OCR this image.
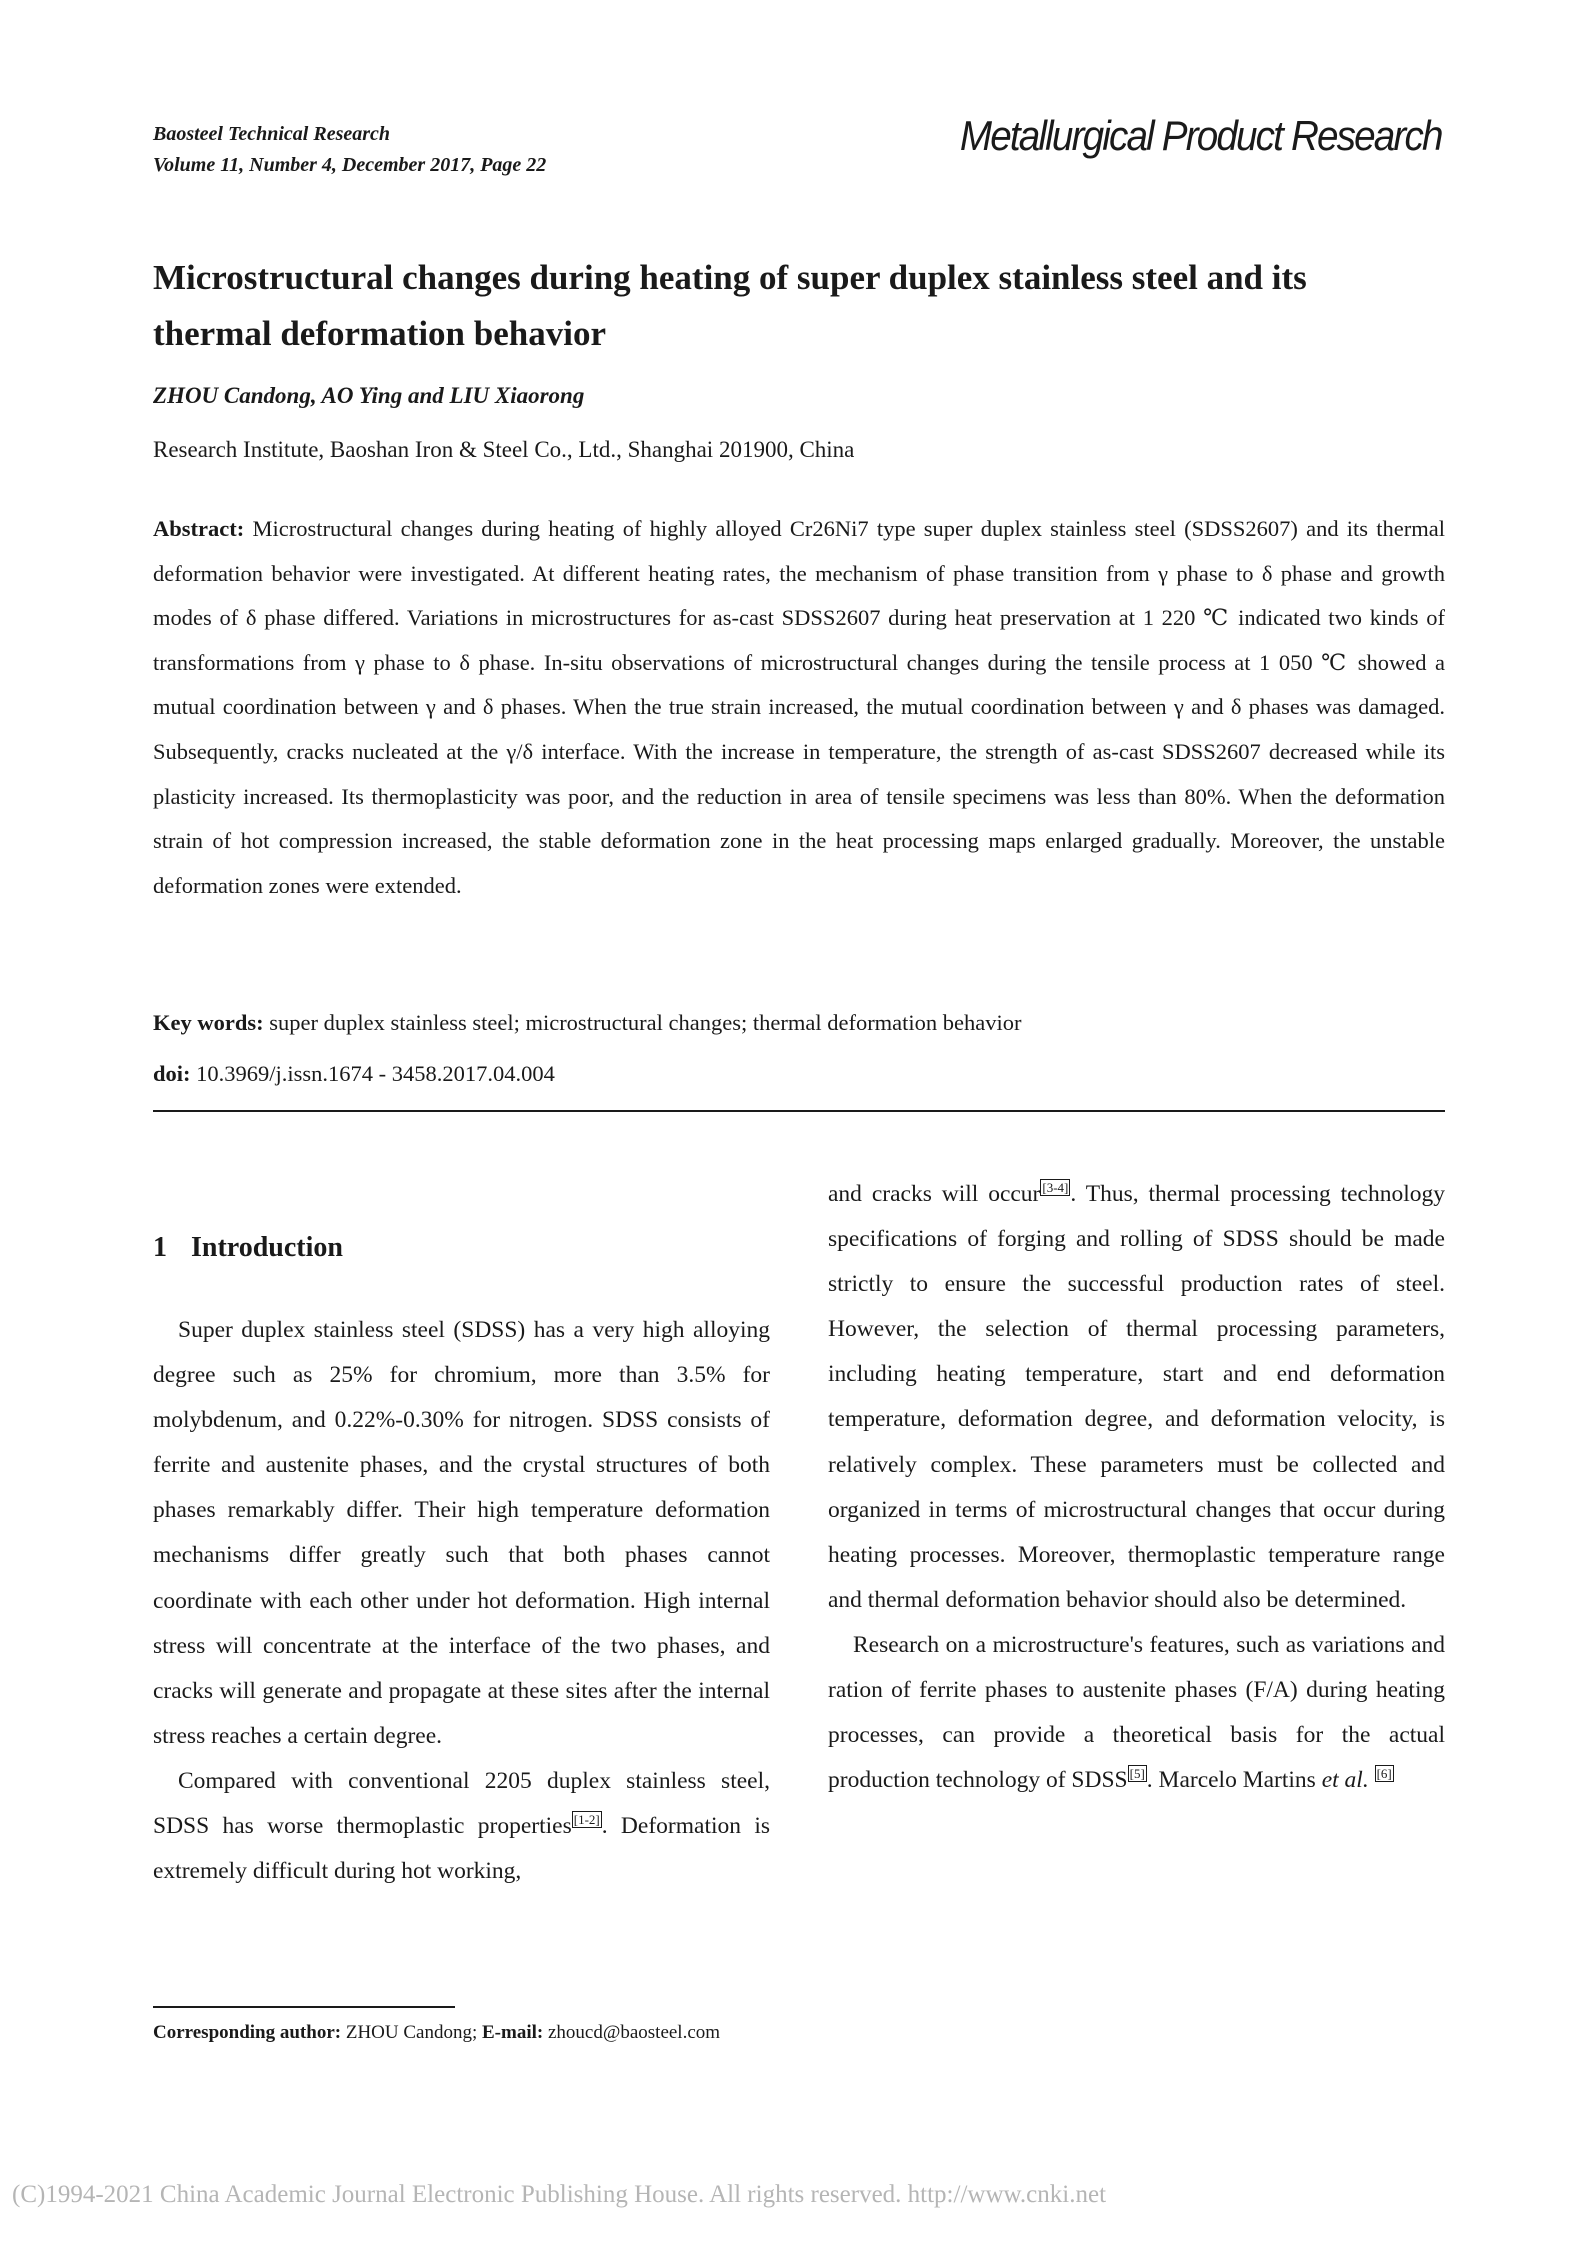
Baosteel Technical Research
Volume 11, Number 4, December 2017, Page 22
Metallurgical Product Research
Microstructural changes during heating of super duplex stainless steel and its thermal deformation behavior
ZHOU Candong, AO Ying and LIU Xiaorong
Research Institute, Baoshan Iron & Steel Co., Ltd., Shanghai 201900, China
Abstract: Microstructural changes during heating of highly alloyed Cr26Ni7 type super duplex stainless steel (SDSS2607) and its thermal deformation behavior were investigated. At different heating rates, the mechanism of phase transition from γ phase to δ phase and growth modes of δ phase differed. Variations in microstructures for as-cast SDSS2607 during heat preservation at 1 220 ℃ indicated two kinds of transformations from γ phase to δ phase. In-situ observations of microstructural changes during the tensile process at 1 050 ℃ showed a mutual coordination between γ and δ phases. When the true strain increased, the mutual coordination between γ and δ phases was damaged. Subsequently, cracks nucleated at the γ/δ interface. With the increase in temperature, the strength of as-cast SDSS2607 decreased while its plasticity increased. Its thermoplasticity was poor, and the reduction in area of tensile specimens was less than 80%. When the deformation strain of hot compression increased, the stable deformation zone in the heat processing maps enlarged gradually. Moreover, the unstable deformation zones were extended.
Key words: super duplex stainless steel; microstructural changes; thermal deformation behavior
doi: 10.3969/j.issn.1674 - 3458.2017.04.004
1 Introduction

Super duplex stainless steel (SDSS) has a very high alloying degree such as 25% for chromium, more than 3.5% for molybdenum, and 0.22%-0.30% for nitrogen. SDSS consists of ferrite and austenite phases, and the crystal structures of both phases remarkably differ. Their high temperature deformation mechanisms differ greatly such that both phases cannot coordinate with each other under hot deformation. High internal stress will concentrate at the interface of the two phases, and cracks will generate and propagate at these sites after the internal stress reaches a certain degree.

Compared with conventional 2205 duplex stainless steel, SDSS has worse thermoplastic properties [1-2]. Deformation is extremely difficult during hot working,

and cracks will occur [3-4]. Thus, thermal processing technology specifications of forging and rolling of SDSS should be made strictly to ensure the successful production rates of steel. However, the selection of thermal processing parameters, including heating temperature, start and end deformation temperature, deformation degree, and deformation velocity, is relatively complex. These parameters must be collected and organized in terms of microstructural changes that occur during heating processes. Moreover, thermoplastic temperature range and thermal deformation behavior should also be determined.

Research on a microstructure's features, such as variations and ration of ferrite phases to austenite phases (F/A) during heating processes, can provide a theoretical basis for the actual production technology of SDSS [5]. Marcelo Martins et al. [6]

Corresponding author: ZHOU Candong; E-mail: zhoucd@baosteel.com
(C)1994-2021 China Academic Journal Electronic Publishing House. All rights reserved. http://www.cnki.net
